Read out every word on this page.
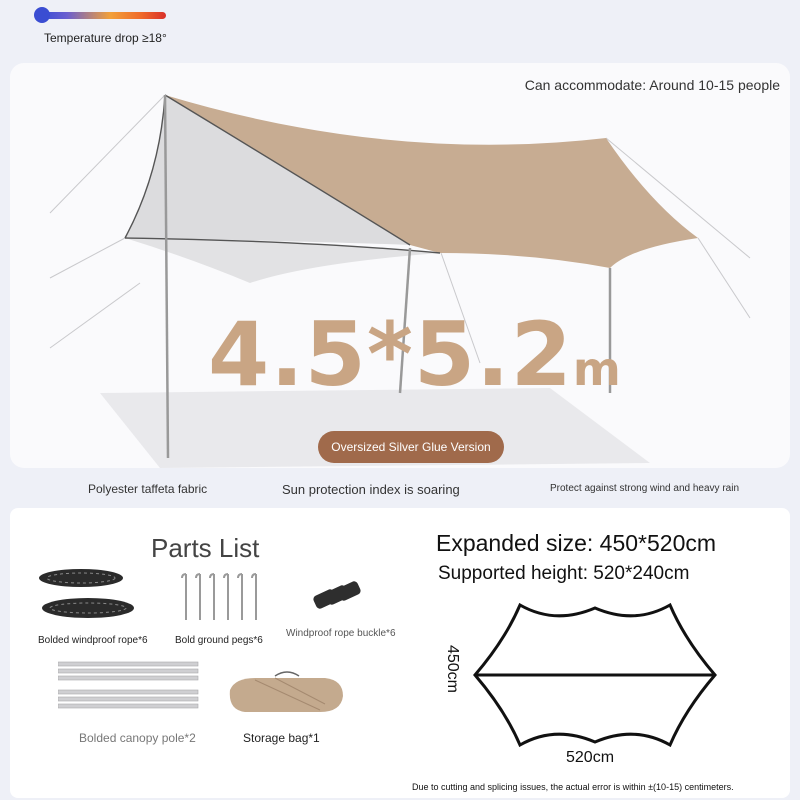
Temperature drop ≥18°
Can accommodate: Around 10-15 people
4.5*5.2m
Oversized Silver Glue Version
Polyester taffeta fabric	Sun protection index is soaring	Protect against strong wind and heavy rain
Parts List
Bolded windproof rope*6	Bold ground pegs*6
Windproof rope buckle*6
Bolded canopy pole*2	Storage bag*1
Expanded size: 450*520cm
Supported height: 520*240cm
450cm
520cm
Due to cutting and splicing issues, the actual error is within ±(10-15) centimeters.
